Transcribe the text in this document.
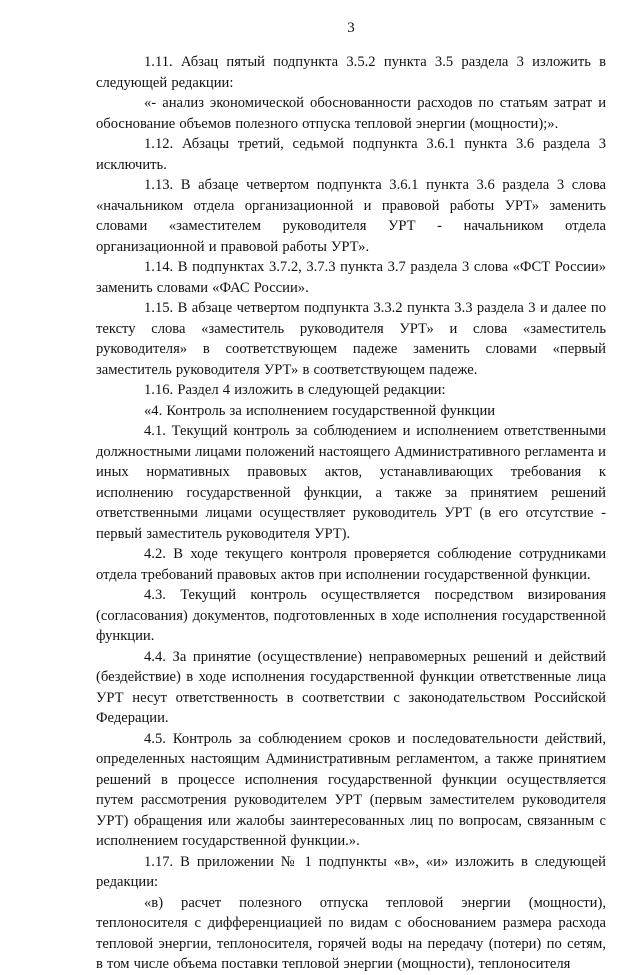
3

1.11. Абзац пятый подпункта 3.5.2 пункта 3.5 раздела 3 изложить в следующей редакции:

«- анализ экономической обоснованности расходов по статьям затрат и обоснование объемов полезного отпуска тепловой энергии (мощности);».

1.12. Абзацы третий, седьмой подпункта 3.6.1 пункта 3.6 раздела 3 исключить.

1.13. В абзаце четвертом подпункта 3.6.1 пункта 3.6 раздела 3 слова «начальником отдела организационной и правовой работы УРТ» заменить словами «заместителем руководителя УРТ - начальником отдела организационной и правовой работы УРТ».

1.14. В подпунктах 3.7.2, 3.7.3 пункта 3.7 раздела 3 слова «ФСТ России» заменить словами «ФАС России».

1.15. В абзаце четвертом подпункта 3.3.2 пункта 3.3 раздела 3 и далее по тексту слова «заместитель руководителя УРТ» и слова «заместитель руководителя» в соответствующем падеже заменить словами «первый заместитель руководителя УРТ» в соответствующем падеже.

1.16. Раздел 4 изложить в следующей редакции:

«4. Контроль за исполнением государственной функции

4.1. Текущий контроль за соблюдением и исполнением ответственными должностными лицами положений настоящего Административного регламента и иных нормативных правовых актов, устанавливающих требования к исполнению государственной функции, а также за принятием решений ответственными лицами осуществляет руководитель УРТ (в его отсутствие - первый заместитель руководителя УРТ).

4.2. В ходе текущего контроля проверяется соблюдение сотрудниками отдела требований правовых актов при исполнении государственной функции.

4.3. Текущий контроль осуществляется посредством визирования (согласования) документов, подготовленных в ходе исполнения государственной функции.

4.4. За принятие (осуществление) неправомерных решений и действий (бездействие) в ходе исполнения государственной функции ответственные лица УРТ несут ответственность в соответствии с законодательством Российской Федерации.

4.5. Контроль за соблюдением сроков и последовательности действий, определенных настоящим Административным регламентом, а также принятием решений в процессе исполнения государственной функции осуществляется путем рассмотрения руководителем УРТ (первым заместителем руководителя УРТ) обращения или жалобы заинтересованных лиц по вопросам, связанным с исполнением государственной функции.».

1.17. В приложении № 1 подпункты «в», «и» изложить в следующей редакции:

«в) расчет полезного отпуска тепловой энергии (мощности), теплоносителя с дифференциацией по видам с обоснованием размера расхода тепловой энергии, теплоносителя, горячей воды на передачу (потери) по сетям, в том числе объема поставки тепловой энергии (мощности), теплоносителя
